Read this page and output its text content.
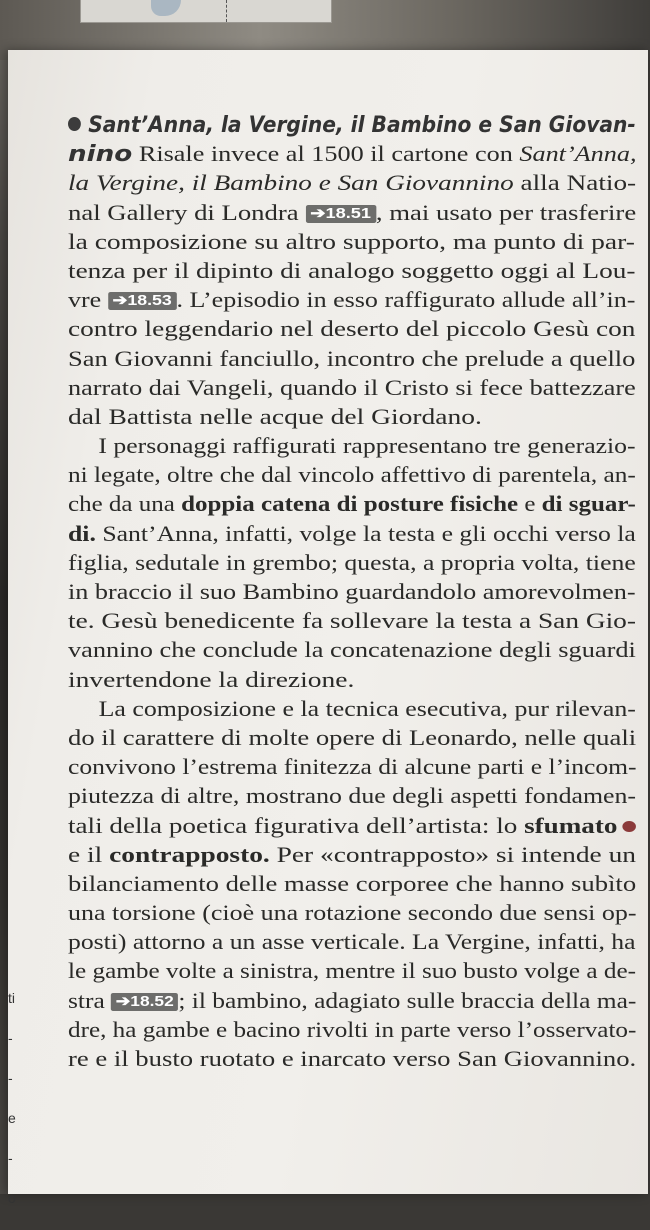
ti
-
-
e
-
o
Sant’Anna, la Vergine, il Bambino e San Giovan-
nino Risale invece al 1500 il cartone con Sant’Anna,
la Vergine, il Bambino e San Giovannino alla Natio-
nal Gallery di Londra ➔18.51 , mai usato per trasferire
la composizione su altro supporto, ma punto di par-
tenza per il dipinto di analogo soggetto oggi al Lou-
vre ➔18.53 . L’episodio in esso raffigurato allude all’in-
contro leggendario nel deserto del piccolo Gesù con
San Giovanni fanciullo, incontro che prelude a quello
narrato dai Vangeli, quando il Cristo si fece battezzare
dal Battista nelle acque del Giordano.
I personaggi raffigurati rappresentano tre generazio-
ni legate, oltre che dal vincolo affettivo di parentela, an-
che da una doppia catena di posture fisiche e di sguar-
di. Sant’Anna, infatti, volge la testa e gli occhi verso la
figlia, sedutale in grembo; questa, a propria volta, tiene
in braccio il suo Bambino guardandolo amorevolmen-
te. Gesù benedicente fa sollevare la testa a San Gio-
vannino che conclude la concatenazione degli sguardi
invertendone la direzione.
La composizione e la tecnica esecutiva, pur rilevan-
do il carattere di molte opere di Leonardo, nelle quali
convivono l’estrema finitezza di alcune parti e l’incom-
piutezza di altre, mostrano due degli aspetti fondamen-
tali della poetica figurativa dell’artista: lo sfumato
e il contrapposto. Per «contrapposto» si intende un
bilanciamento delle masse corporee che hanno subìto
una torsione (cioè una rotazione secondo due sensi op-
posti) attorno a un asse verticale. La Vergine, infatti, ha
le gambe volte a sinistra, mentre il suo busto volge a de-
stra ➔18.52 ; il bambino, adagiato sulle braccia della ma-
dre, ha gambe e bacino rivolti in parte verso l’osservato-
re e il busto ruotato e inarcato verso San Giovannino.
